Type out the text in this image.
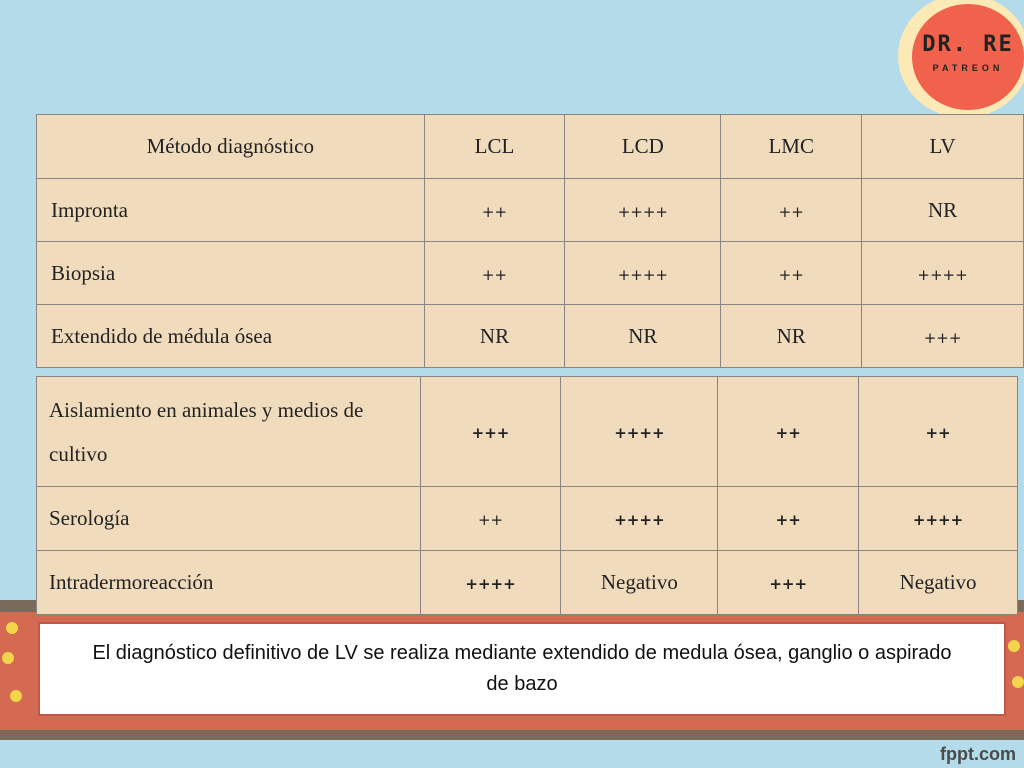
fppt.com
DR. RE
PATREON
Método diagnóstico	LCL	LCD	LMC	LV
Impronta	++	++++	++	NR
Biopsia	++	++++	++	++++
Extendido de médula ósea	NR	NR	NR	+++
Aislamiento en animales y medios de cultivo	+++	++++	++	++
Serología	++	++++	++	++++
Intradermoreacción	++++	Negativo	+++	Negativo
El diagnóstico definitivo de LV se realiza mediante extendido de medula ósea, ganglio o aspirado de bazo
